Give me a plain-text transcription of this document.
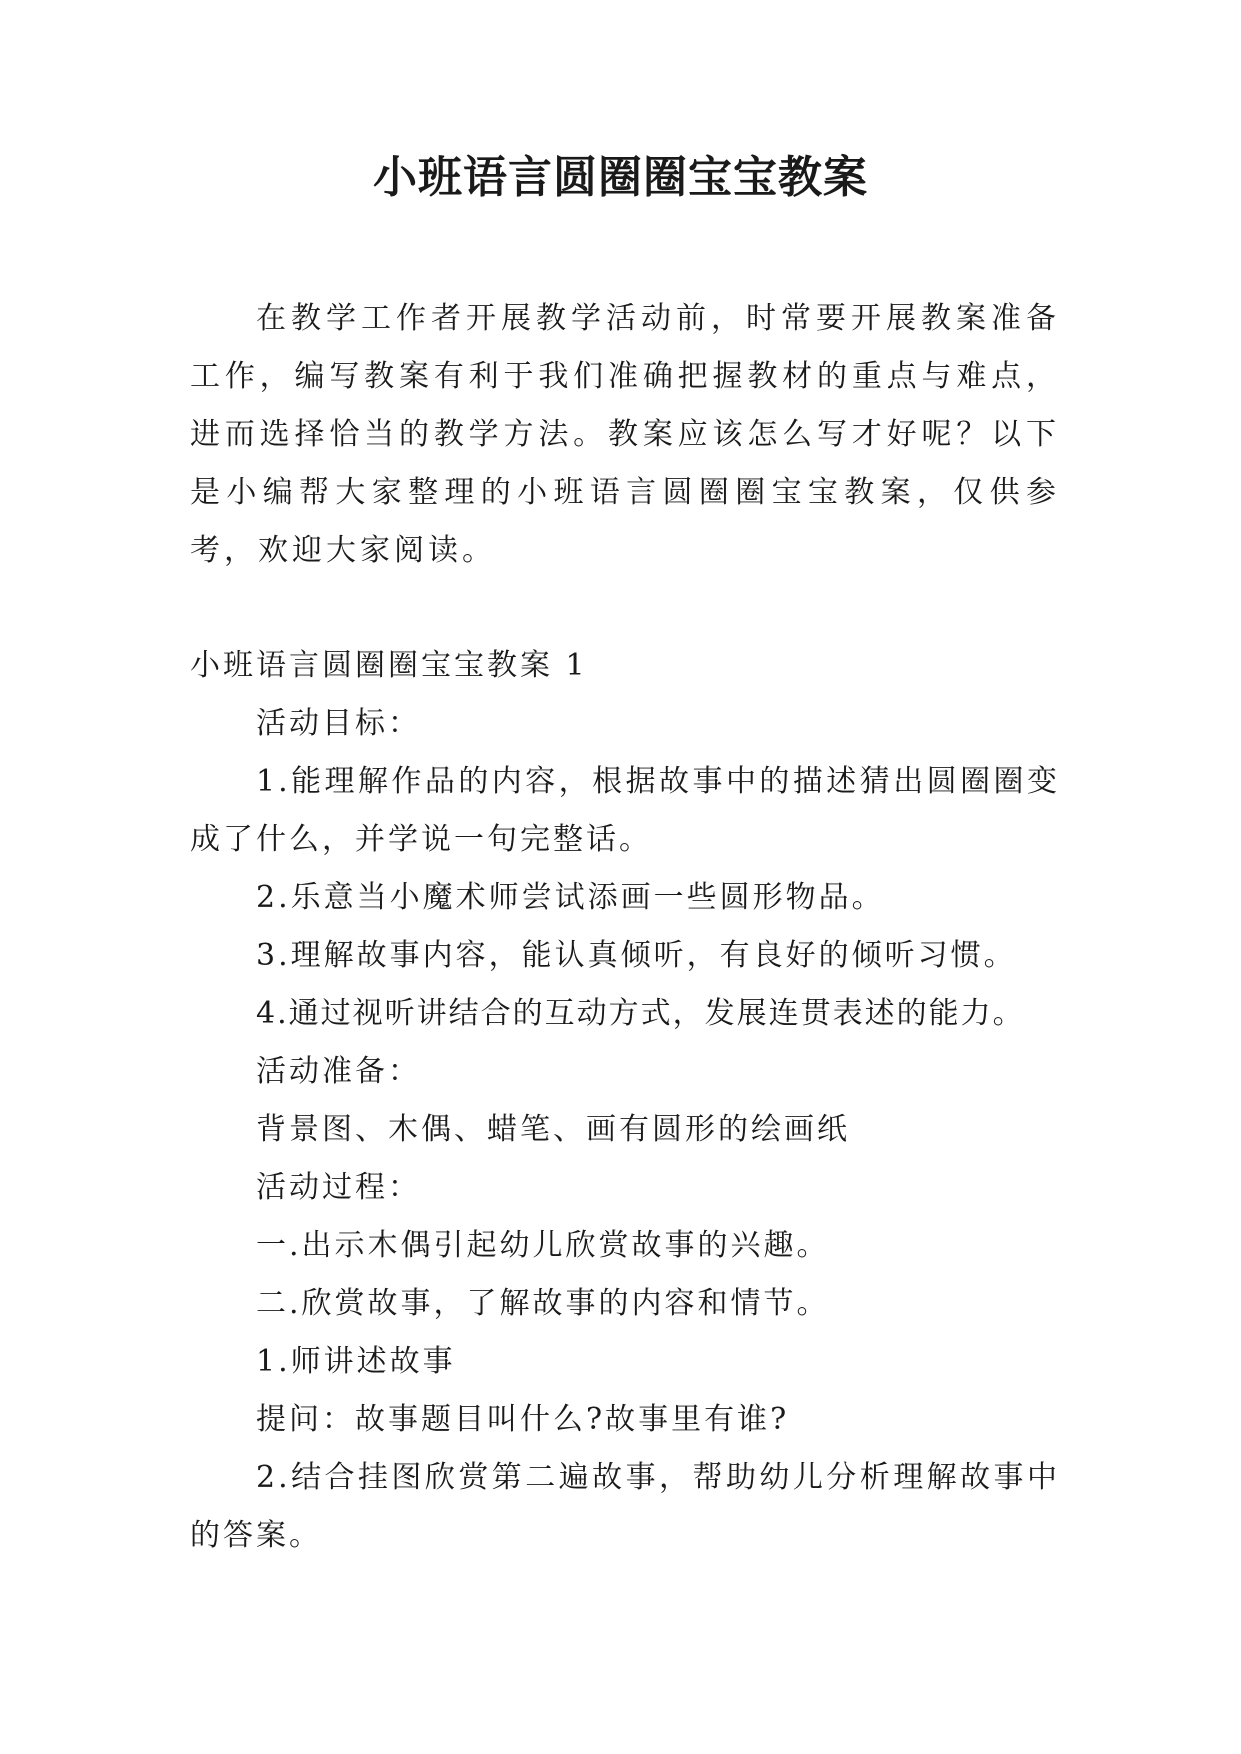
小班语言圆圈圈宝宝教案

在教学工作者开展教学活动前，时常要开展教案准备工作，编写教案有利于我们准确把握教材的重点与难点，进而选择恰当的教学方法。教案应该怎么写才好呢？以下是小编帮大家整理的小班语言圆圈圈宝宝教案，仅供参考，欢迎大家阅读。

小班语言圆圈圈宝宝教案 1

活动目标：

1.能理解作品的内容，根据故事中的描述猜出圆圈圈变成了什么，并学说一句完整话。

2.乐意当小魔术师尝试添画一些圆形物品。

3.理解故事内容，能认真倾听，有良好的倾听习惯。

4.通过视听讲结合的互动方式，发展连贯表述的能力。

活动准备：

背景图、木偶、蜡笔、画有圆形的绘画纸

活动过程：

一.出示木偶引起幼儿欣赏故事的兴趣。

二.欣赏故事，了解故事的内容和情节。

1.师讲述故事

提问：故事题目叫什么?故事里有谁?

2.结合挂图欣赏第二遍故事，帮助幼儿分析理解故事中的答案。
